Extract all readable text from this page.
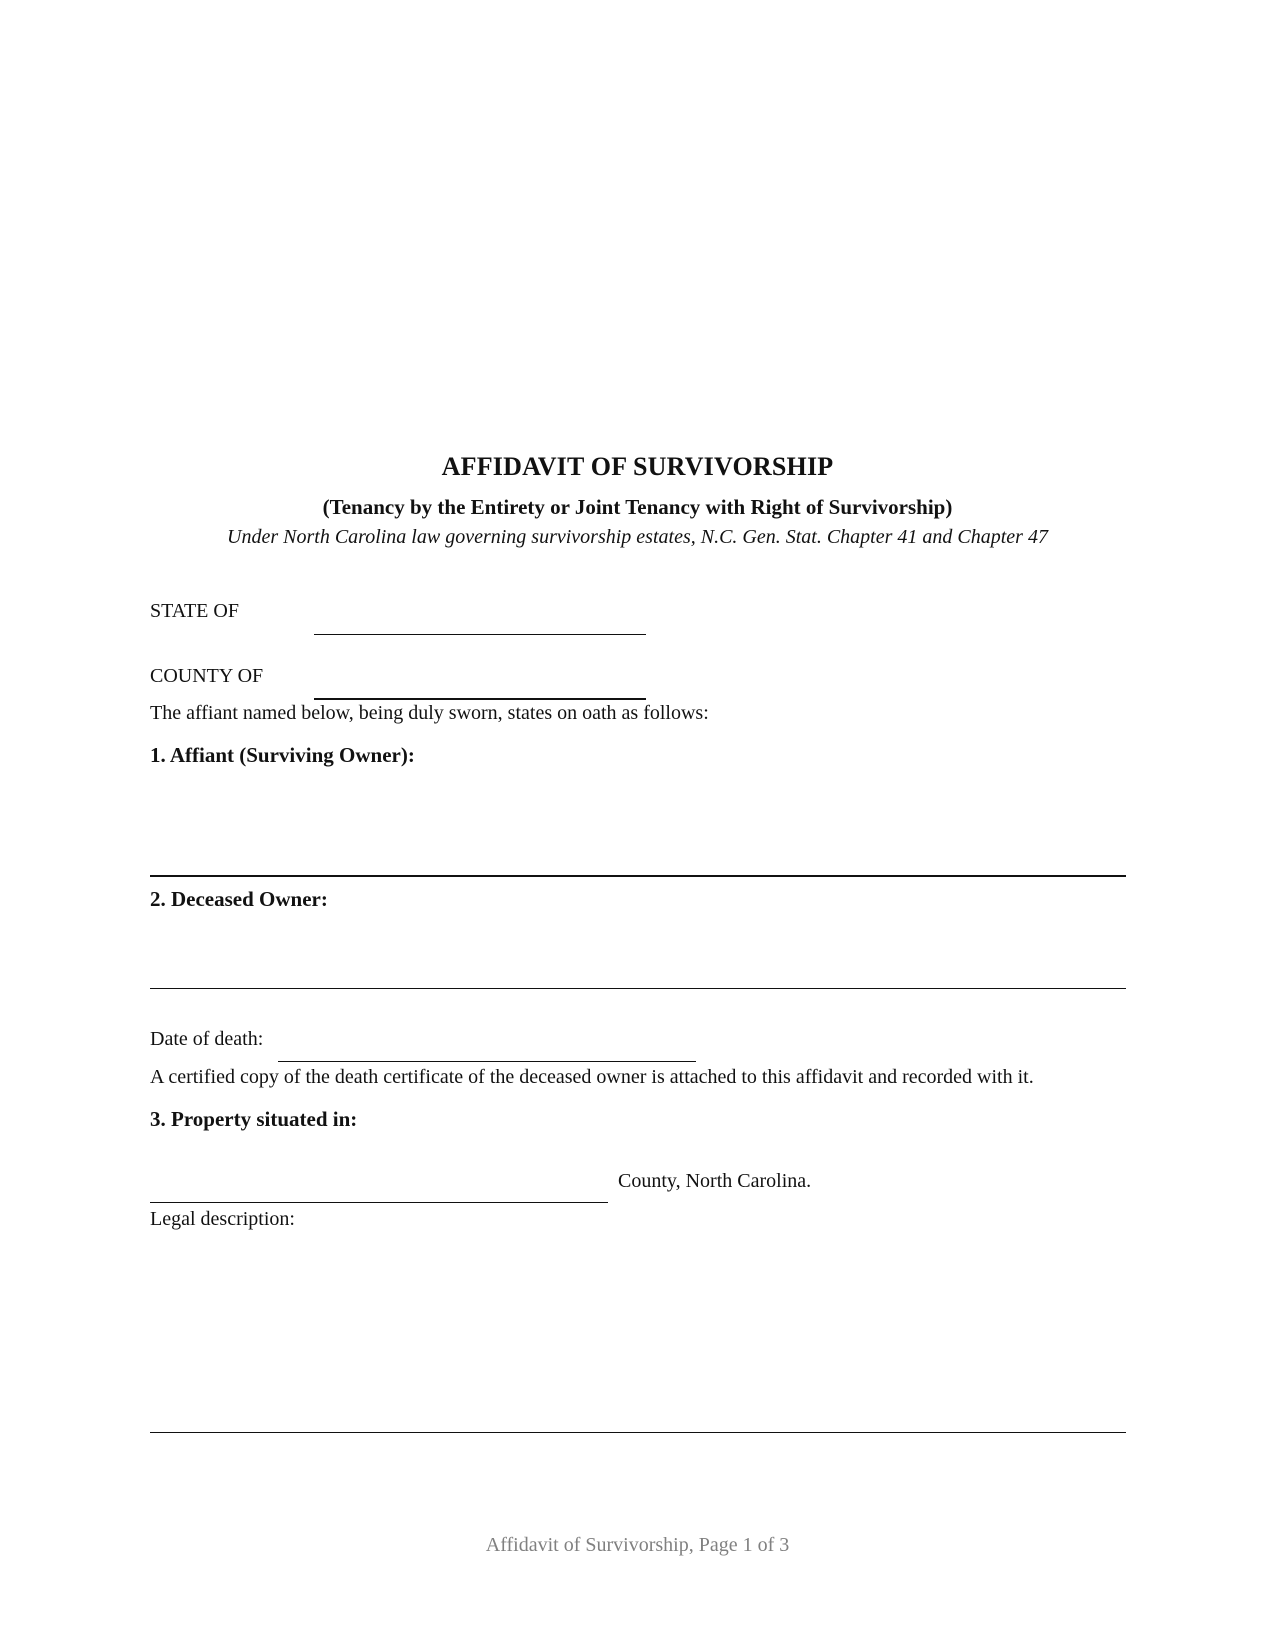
AFFIDAVIT OF SURVIVORSHIP
(Tenancy by the Entirety or Joint Tenancy with Right of Survivorship)
Under North Carolina law governing survivorship estates, N.C. Gen. Stat. Chapter 41 and Chapter 47
STATE OF
COUNTY OF
The affiant named below, being duly sworn, states on oath as follows:
1. Affiant (Surviving Owner):
2. Deceased Owner:
Date of death:
A certified copy of the death certificate of the deceased owner is attached to this affidavit and recorded with it.
3. Property situated in:
County, North Carolina.
Legal description:
Affidavit of Survivorship, Page 1 of 3
